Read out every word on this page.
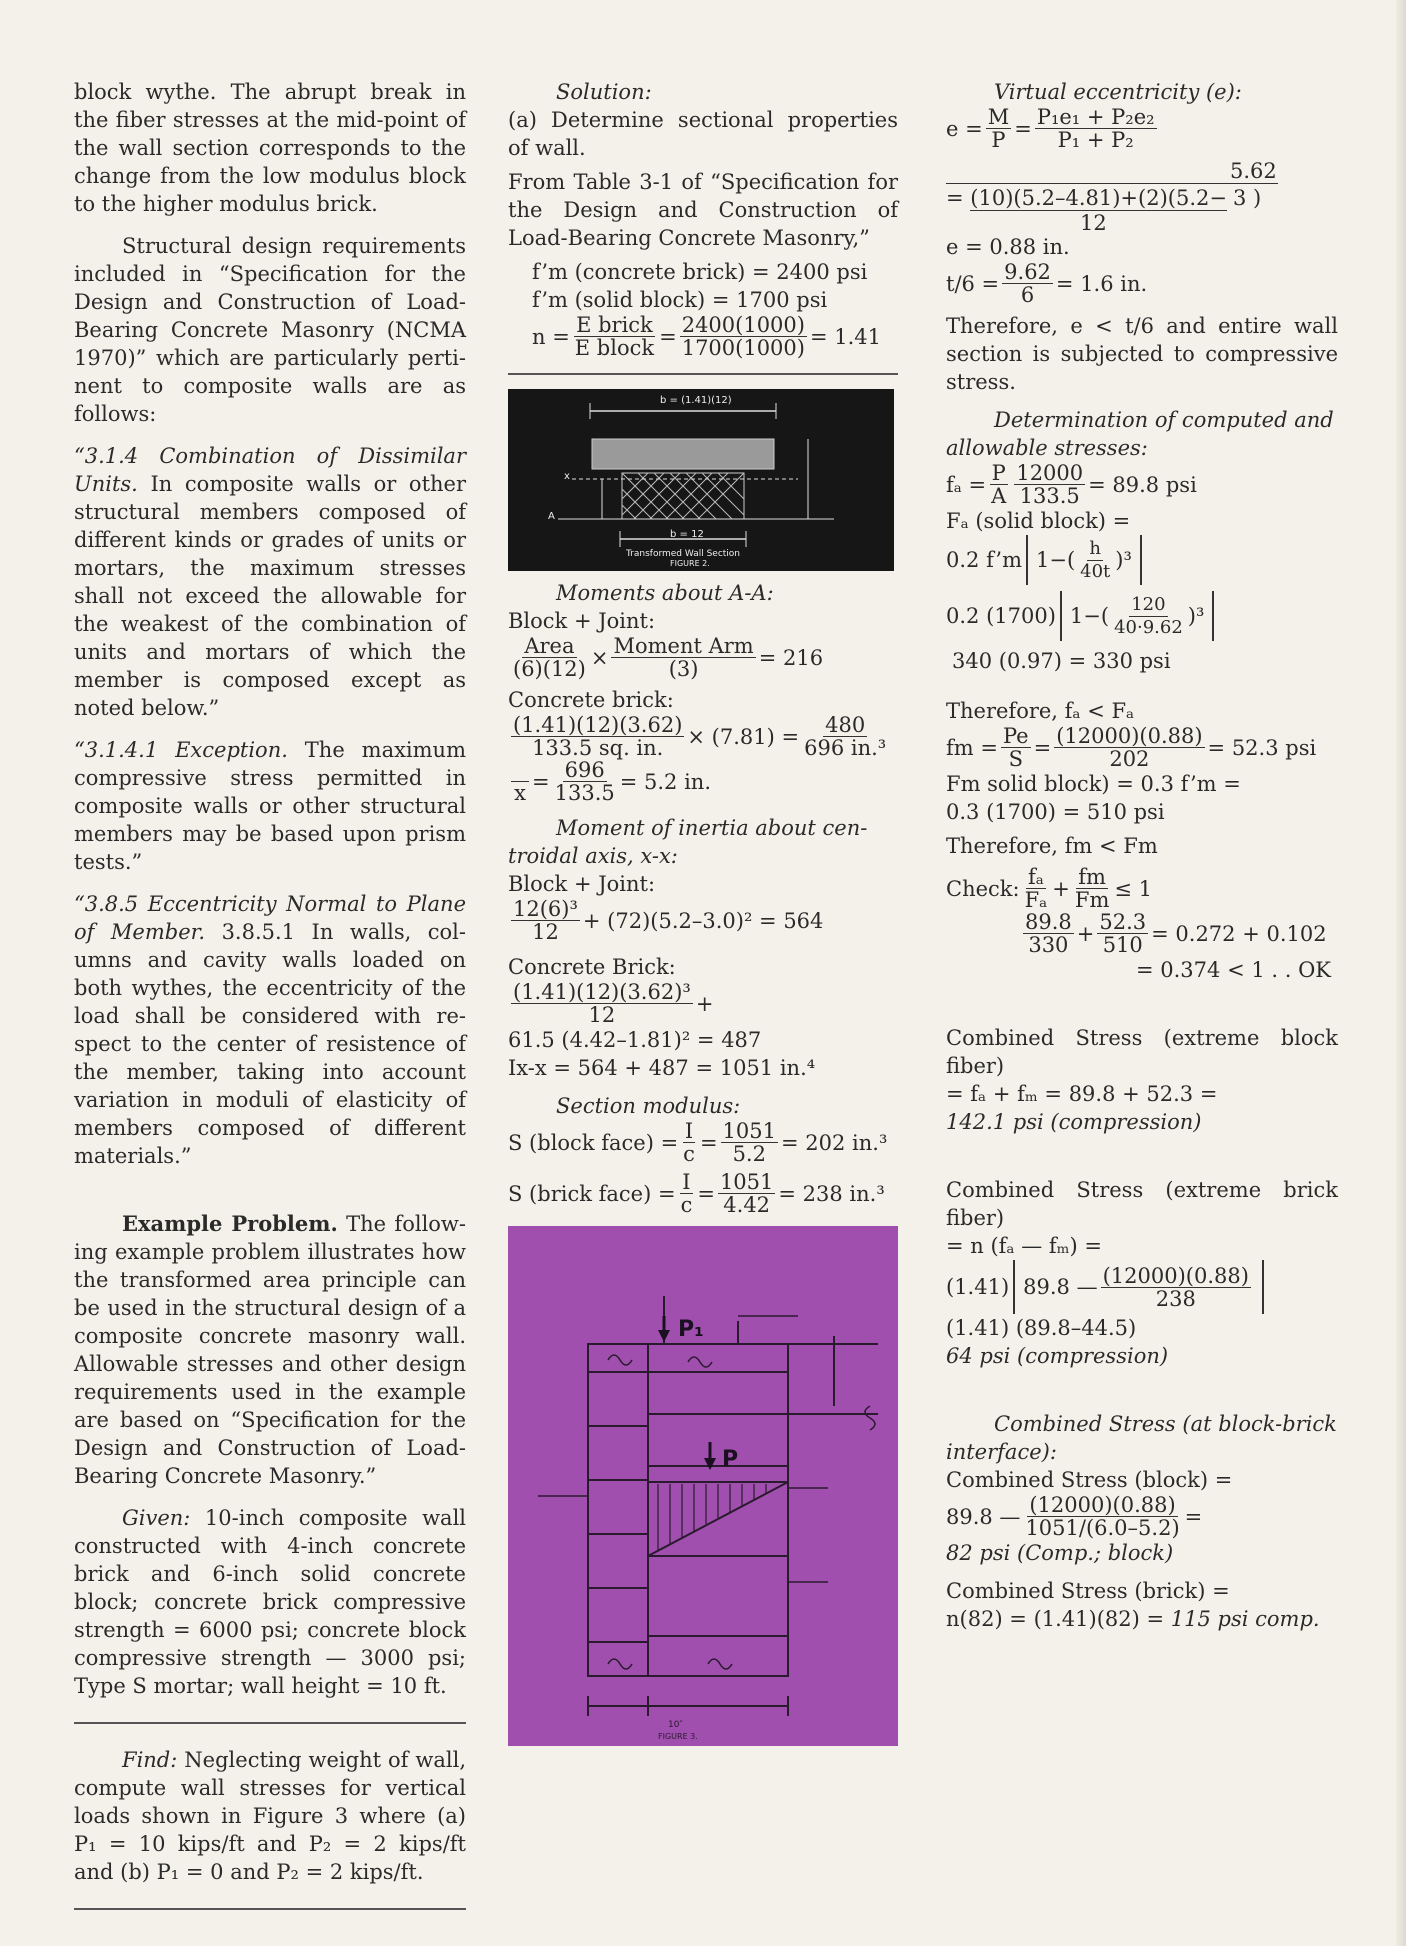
block wythe. The abrupt break in the fiber stresses at the mid-point of the wall section corresponds to the change from the low modulus block to the higher modulus brick.

Structural design requirements included in “Specification for the Design and Construction of Load-Bearing Concrete Masonry (NCMA 1970)” which are particularly perti-nent to composite walls are as follows:

“3.1.4 Combination of Dissimilar Units. In composite walls or other structural members composed of different kinds or grades of units or mortars, the maximum stresses shall not exceed the allowable for the weakest of the combination of units and mortars of which the member is composed except as noted below.”

“3.1.4.1 Exception. The maximum compressive stress permitted in composite walls or other structural members may be based upon prism tests.”

“3.8.5 Eccentricity Normal to Plane of Member. 3.8.5.1 In walls, col-umns and cavity walls loaded on both wythes, the eccentricity of the load shall be considered with re-spect to the center of resistence of the member, taking into account variation in moduli of elasticity of members composed of different materials.”

Example Problem. The follow-ing example problem illustrates how the transformed area principle can be used in the structural design of a composite concrete masonry wall. Allowable stresses and other design requirements used in the example are based on “Specification for the Design and Construction of Load-Bearing Concrete Masonry.”

Given: 10-inch composite wall constructed with 4-inch concrete brick and 6-inch solid concrete block; concrete brick compressive strength = 6000 psi; concrete block compressive strength — 3000 psi; Type S mortar; wall height = 10 ft.

Find: Neglecting weight of wall, compute wall stresses for vertical loads shown in Figure 3 where (a) P₁ = 10 kips/ft and P₂ = 2 kips/ft and (b) P₁ = 0 and P₂ = 2 kips/ft.

Solution:

(a) Determine sectional properties of wall.

From Table 3-1 of “Specification for the Design and Construction of Load-Bearing Concrete Masonry,”

f’m (concrete brick) = 2400 psi

f’m (solid block) = 1700 psi

$n = \frac{\text{E brick}}{\text{E block}} = \frac{2400(1000)}{1700(1000)} = 1.41$
b = (1.41)(12)
b = 12
x
A
Transformed Wall Section
FIGURE 2.

Moments about A-A:

Block + Joint:

$\frac{\text{Area}}{(6)(12)} \times \frac{\text{Moment Arm}}{(3)} = 216$

Concrete brick:

$\frac{(1.41)(12)(3.62)}{133.5 sq. in.} \times (7.81) = \frac{480}{\text{696 in.³}}$
$x = \frac{696}{133.5} = 5.2$ in.

Moment of inertia about cen-troidal axis, x-x:

Block + Joint:

$\frac{\text{12(6)³}}{12} + (72)(5.2-3.0)^2 = 564$

Concrete Brick:

$\frac{\text{(1.41)(12)(3.62)³}}{12}$ +

61.5 (4.42–1.81)² = 487

Ix-x = 564 + 487 = 1051 in.⁴

Section modulus:

S (block face) = $\frac{I}{c} = \frac{1051}{5.2} = 202$ in.³
S (brick face) = $\frac{I}{c} = \frac{1051}{4.42} = 238$ in.³
P₁
P
10″
FIGURE 3.

Virtual eccentricity (e):

$e = \frac{M}{P} = \frac{\text{P₁e₁ + P₂e₂}}{\text{P₁ + P₂}}$
5.62
= (10)(5.2–4.81)+(2)(5.2− 3 )
12

e = 0.88 in.

$t/6 = \frac{9.62}{6} = 1.6$ in.

Therefore, e < t/6 and entire wall section is subjected to compressive stress.

Determination of computed and allowable stresses:

$f_a = \frac{P}{A} \frac{12000}{133.5} = 89.8$ psi

Fₐ (solid block) =

0.2 f’m $1-( \frac{h}{40t} )^3$
0.2 (1700) $1-( \frac{120}{40\cdot 9.62} )^3$

340 (0.97) = 330 psi

Therefore, fₐ < Fₐ

fm = $\frac{Pe}{S} = \frac{(12000)(0.88)}{202} = 52.3$ psi

Fm solid block) = 0.3 f’m =

0.3 (1700) = 510 psi

Therefore, fm < Fm

Check: $\frac{\text{fₐ}}{\text{Fₐ}} + \frac{fm}{Fm} \le 1$
$\frac{89.8}{330} + \frac{52.3}{510} = 0.272 + 0.102$

= 0.374 < 1 . . OK

Combined Stress (extreme block fiber)

= fₐ + fₘ = 89.8 + 52.3 =

142.1 psi (compression)

Combined Stress (extreme brick fiber)

= n (fₐ — fₘ) =

(1.41) 89.8 — $\frac{(12000)(0.88)}{238}$

(1.41) (89.8–44.5)

64 psi (compression)

Combined Stress (at block-brick interface):

Combined Stress (block) =

89.8 — $\frac{(12000)(0.88)}{1051/(6.0-5.2)}$ =

82 psi (Comp.; block)

Combined Stress (brick) =

n(82) = (1.41)(82) = 115 psi comp.
